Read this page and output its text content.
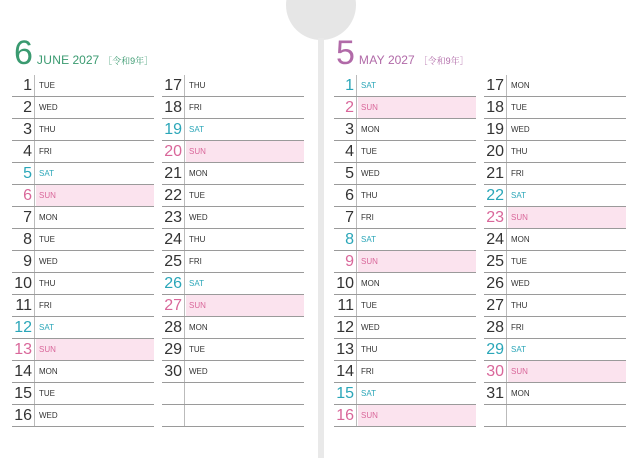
6 JUNE 2027 ［令和9年］
1 TUE
2 WED
3 THU
4 FRI
5 SAT
6 SUN
7 MON
8 TUE
9 WED
10 THU
11 FRI
12 SAT
13 SUN
14 MON
15 TUE
16 WED
17 THU
18 FRI
19 SAT
20 SUN
21 MON
22 TUE
23 WED
24 THU
25 FRI
26 SAT
27 SUN
28 MON
29 TUE
30 WED
5 MAY 2027 ［令和9年］
1 SAT
2 SUN
3 MON
4 TUE
5 WED
6 THU
7 FRI
8 SAT
9 SUN
10 MON
11 TUE
12 WED
13 THU
14 FRI
15 SAT
16 SUN
17 MON
18 TUE
19 WED
20 THU
21 FRI
22 SAT
23 SUN
24 MON
25 TUE
26 WED
27 THU
28 FRI
29 SAT
30 SUN
31 MON
